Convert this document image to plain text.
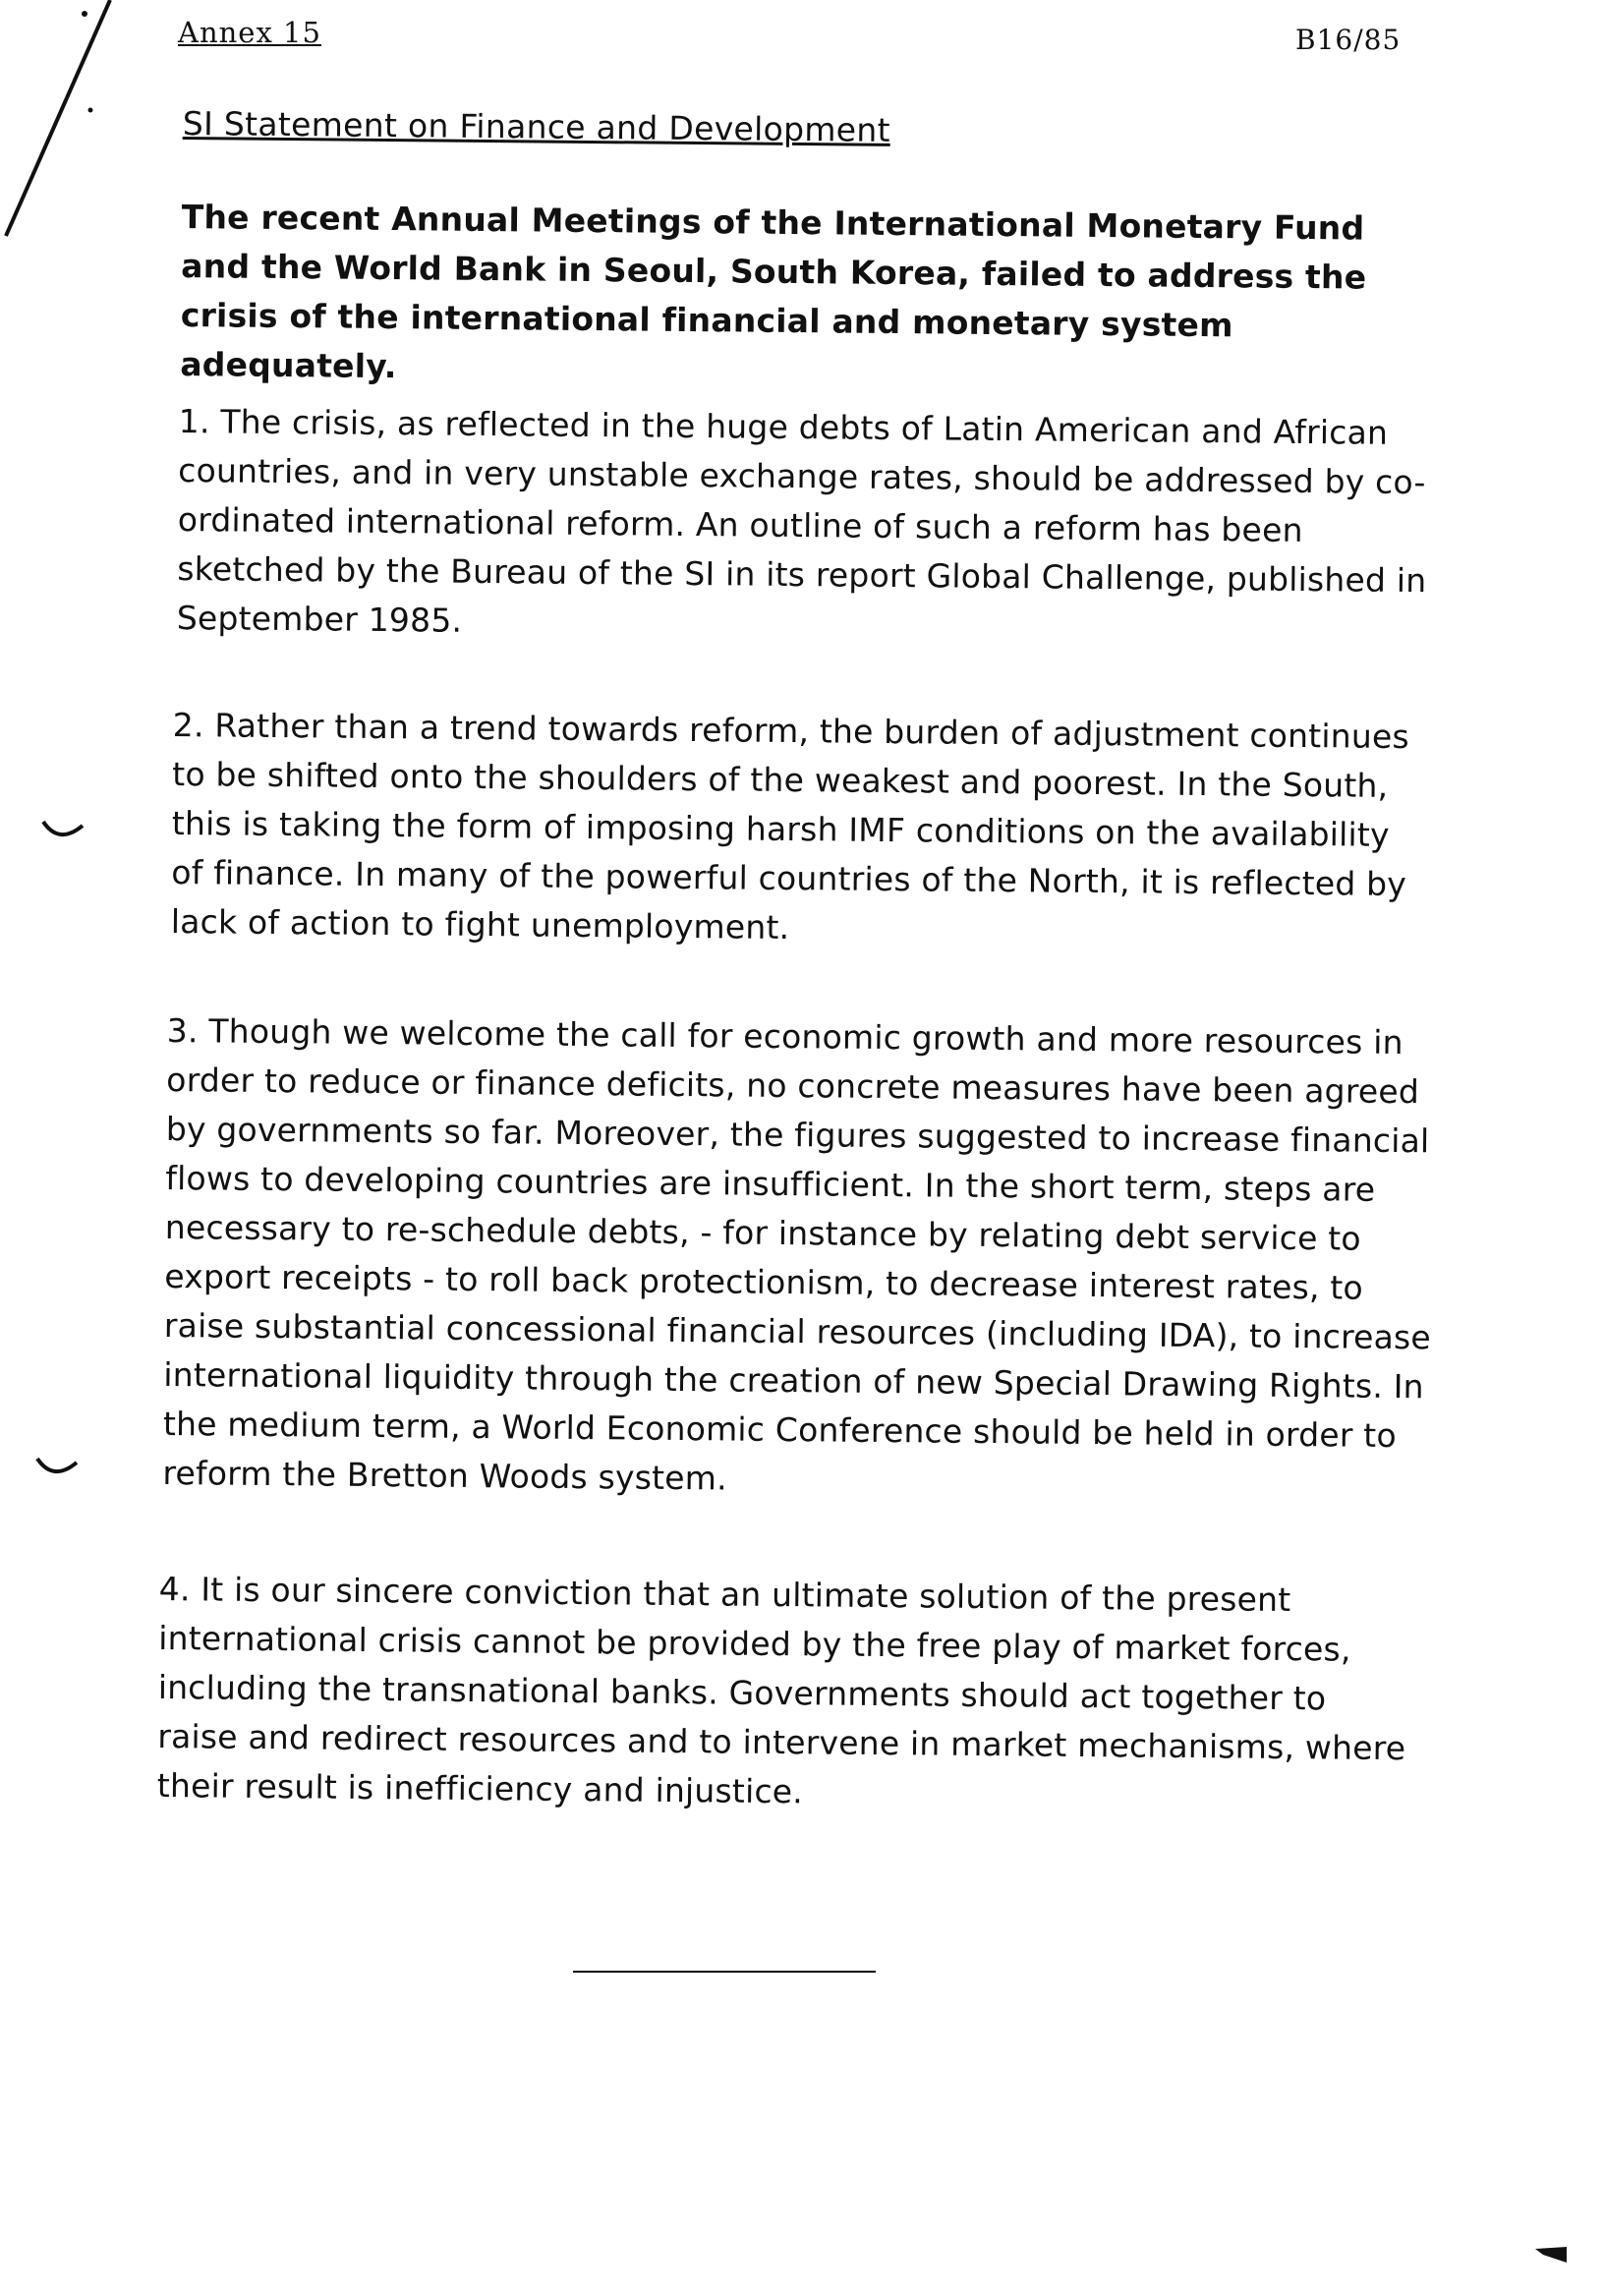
Annex 15	B16/85
SI Statement on Finance and Development
The recent Annual Meetings of the International Monetary Fund and the World Bank in Seoul, South Korea, failed to address the crisis of the international financial and monetary system adequately.
1. The crisis, as reflected in the huge debts of Latin American and African countries, and in very unstable exchange rates, should be addressed by co-ordinated international reform. An outline of such a reform has been sketched by the Bureau of the SI in its report Global Challenge, published in September 1985.
2. Rather than a trend towards reform, the burden of adjustment continues to be shifted onto the shoulders of the weakest and poorest. In the South, this is taking the form of imposing harsh IMF conditions on the availability of finance. In many of the powerful countries of the North, it is reflected by lack of action to fight unemployment.
3. Though we welcome the call for economic growth and more resources in order to reduce or finance deficits, no concrete measures have been agreed by governments so far. Moreover, the figures suggested to increase financial flows to developing countries are insufficient. In the short term, steps are necessary to re-schedule debts, - for instance by relating debt service to export receipts - to roll back protectionism, to decrease interest rates, to raise substantial concessional financial resources (including IDA), to increase international liquidity through the creation of new Special Drawing Rights. In the medium term, a World Economic Conference should be held in order to reform the Bretton Woods system.
4. It is our sincere conviction that an ultimate solution of the present international crisis cannot be provided by the free play of market forces, including the transnational banks. Governments should act together to raise and redirect resources and to intervene in market mechanisms, where their result is inefficiency and injustice.
